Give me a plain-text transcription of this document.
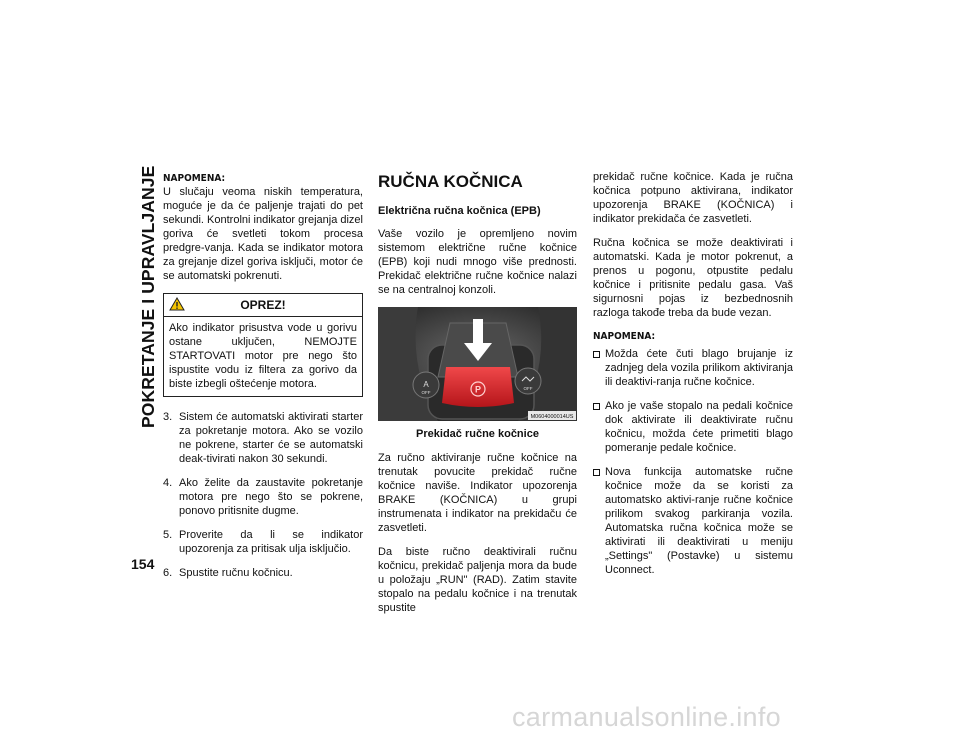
POKRETANJE I UPRAVLJANJE
154
NAPOMENA:

U slučaju veoma niskih temperatura, moguće je da će paljenje trajati do pet sekundi. Kontrolni indikator grejanja dizel goriva će svetleti tokom procesa predgre-vanja. Kada se indikator motora za grejanje dizel goriva isključi, motor će se automatski pokrenuti.

OPREZ!
Ako indikator prisustva vode u gorivu ostane uključen, NEMOJTE STARTOVATI motor pre nego što ispustite vodu iz filtera za gorivo da biste izbegli oštećenje motora.
3. Sistem će automatski aktivirati starter za pokretanje motora. Ako se vozilo ne pokrene, starter će se automatski deak-tivirati nakon 30 sekundi.
4. Ako želite da zaustavite pokretanje motora pre nego što se pokrene, ponovo pritisnite dugme.
5. Proverite da li se indikator upozorenja za pritisak ulja isključio.
6. Spustite ručnu kočnicu.
RUČNA KOČNICA
Električna ručna kočnica (EPB)

Vaše vozilo je opremljeno novim sistemom električne ručne kočnice (EPB) koji nudi mnogo više prednosti. Prekidač električne ručne kočnice nalazi se na centralnoj konzoli.

P
A
OFF
OFF
M0604000014US
Prekidač ručne kočnice

Za ručno aktiviranje ručne kočnice na trenutak povucite prekidač ručne kočnice naviše. Indikator upozorenja BRAKE (KOČNICA) u grupi instrumenata i indikator na prekidaču će zasvetleti.

Da biste ručno deaktivirali ručnu kočnicu, prekidač paljenja mora da bude u položaju „RUN" (RAD). Zatim stavite stopalo na pedalu kočnice i na trenutak spustite

prekidač ručne kočnice. Kada je ručna kočnica potpuno aktivirana, indikator upozorenja BRAKE (KOČNICA) i indikator prekidača će zasvetleti.

Ručna kočnica se može deaktivirati i automatski. Kada je motor pokrenut, a prenos u pogonu, otpustite pedalu kočnice i pritisnite pedalu gasa. Vaš sigurnosni pojas iz bezbednosnih razloga takođe treba da bude vezan.

NAPOMENA:
Možda ćete čuti blago brujanje iz zadnjeg dela vozila prilikom aktiviranja ili deaktivi-ranja ručne kočnice.
Ako je vaše stopalo na pedali kočnice dok aktivirate ili deaktivirate ručnu kočnicu, možda ćete primetiti blago pomeranje pedale kočnice.
Nova funkcija automatske ručne kočnice može da se koristi za automatsko aktivi-ranje ručne kočnice prilikom svakog parkiranja vozila. Automatska ručna kočnica može se aktivirati ili deaktivirati u meniju „Settings" (Postavke) u sistemu Uconnect.
carmanualsonline.info
